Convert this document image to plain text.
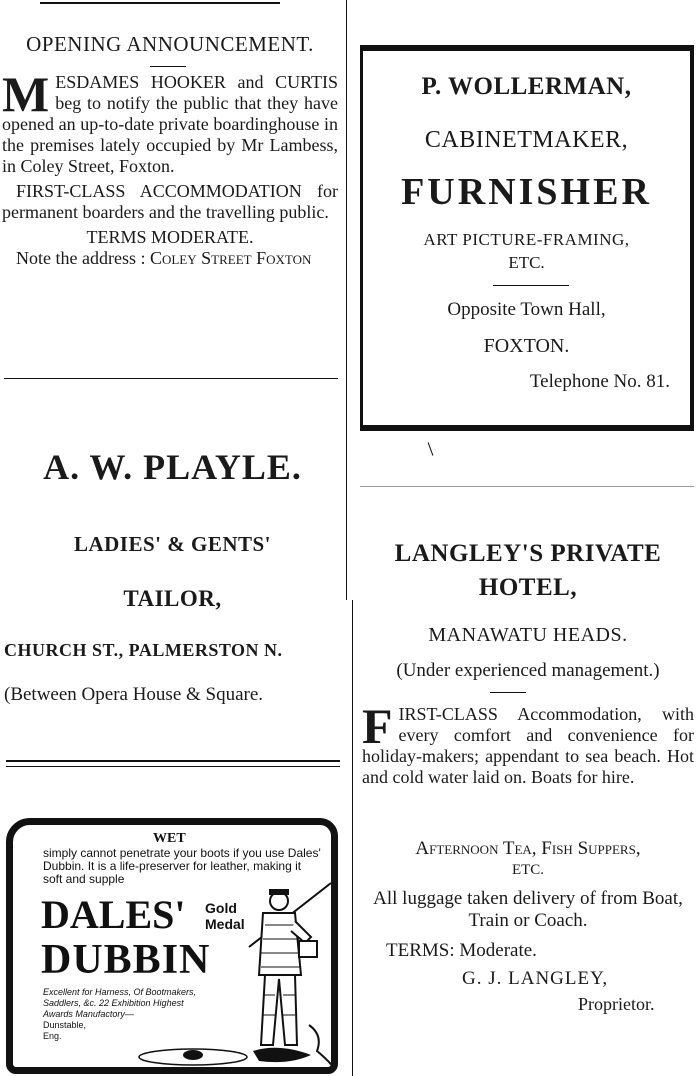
OPENING ANNOUNCEMENT.
MESDAMES HOOKER and CURTIS beg to notify the public that they have opened an up-to-date private boardinghouse in the premises lately occupied by Mr Lambess, in Coley Street, Foxton.
FIRST-CLASS ACCOMMODATION for permanent boarders and the travelling public.
TERMS MODERATE.
Note the address : Coley Street Foxton
P. WOLLERMAN,
CABINETMAKER,
FURNISHER
ART PICTURE-FRAMING,
ETC.
Opposite Town Hall,
FOXTON.
Telephone No. 81.
A. W. PLAYLE.
LADIES' & GENTS'
TAILOR,
CHURCH ST., PALMERSTON N.
(Between Opera House & Square.
WET
simply cannot penetrate your boots if you use Dales' Dubbin. It is a life-preserver for leather, making it soft and supple
DALES' Gold
Medal
DUBBIN
Excellent for Harness, Of Bootmakers,
Saddlers, &c. 22 Exhibition Highest
Awards Manufactory—
Dunstable,
Eng.
LANGLEY'S PRIVATE
HOTEL,
MANAWATU HEADS.
(Under experienced management.)
FIRST-CLASS Accommodation, with every comfort and convenience for holiday-makers; appendant to sea beach. Hot and cold water laid on. Boats for hire.
Afternoon Tea, Fish Suppers,
ETC.
All luggage taken delivery of from Boat, Train or Coach.
TERMS: Moderate.
G. J. LANGLEY,
Proprietor.
